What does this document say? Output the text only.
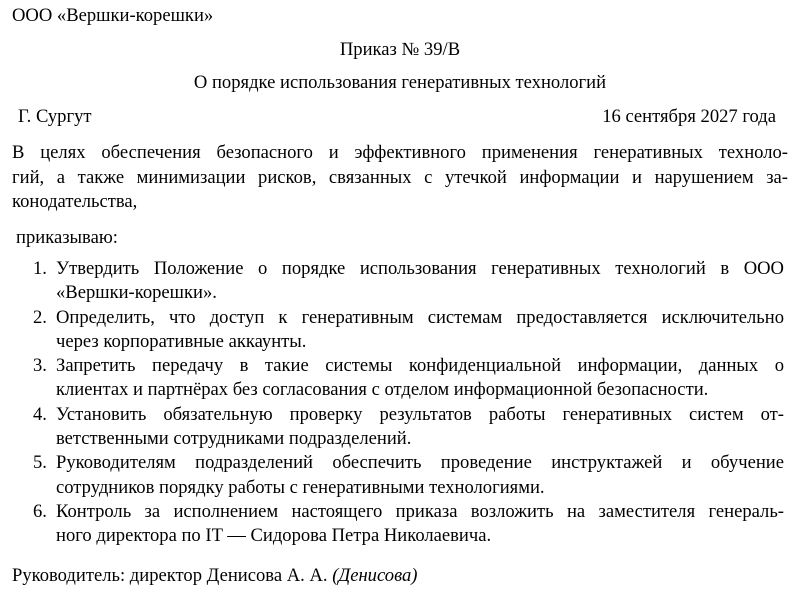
ООО «Вершки-корешки»
Приказ № 39/В
О порядке использования генеративных технологий
Г. Сургут	16 сентября 2027 года
В целях обеспечения безопасного и эффективного применения генеративных техноло-
гий, а также минимизации рисков, связанных с утечкой информации и нарушением за-
конодательства,
приказываю:
1. Утвердить Положение о порядке использования генеративных технологий в ООО
«Вершки-корешки».
2. Определить, что доступ к генеративным системам предоставляется исключительно
через корпоративные аккаунты.
3. Запретить передачу в такие системы конфиденциальной информации, данных о
клиентах и партнёрах без согласования с отделом информационной безопасности.
4. Установить обязательную проверку результатов работы генеративных систем от-
ветственными сотрудниками подразделений.
5. Руководителям подразделений обеспечить проведение инструктажей и обучение
сотрудников порядку работы с генеративными технологиями.
6. Контроль за исполнением настоящего приказа возложить на заместителя генераль-
ного директора по IT — Сидорова Петра Николаевича.
Руководитель: директор Денисова А. А. (Денисова)
